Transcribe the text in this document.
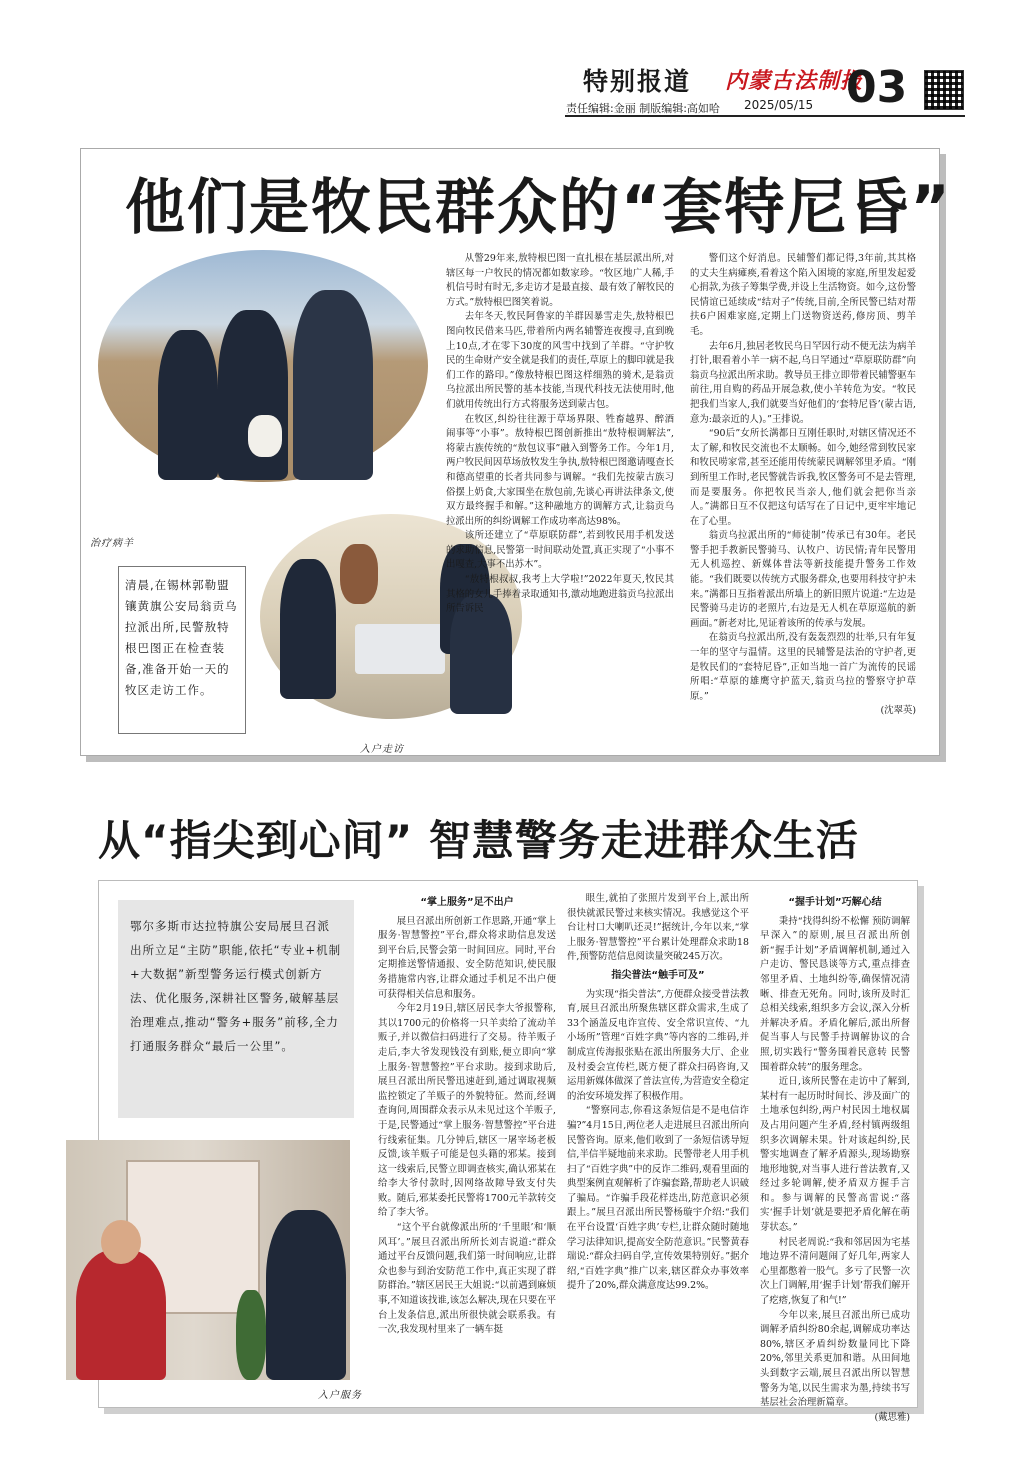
特别报道 内蒙古法制报
责任编辑:金丽 制版编辑:高如哈 2025/05/15 03
他们是牧民群众的“套特尼昏”
治疗病羊
入户走访
清晨,在锡林郭勒盟镶黄旗公安局翁贡乌拉派出所,民警敖特根巴图正在检查装备,准备开始一天的牧区走访工作。

从警29年来,敖特根巴图一直扎根在基层派出所,对辖区每一户牧民的情况都如数家珍。“牧区地广人稀,手机信号时有时无,多走访才是最直接、最有效了解牧民的方式。”敖特根巴图笑着说。

去年冬天,牧民阿鲁家的羊群因暴雪走失,敖特根巴图向牧民借来马匹,带着所内两名辅警连夜搜寻,直到晚上10点,才在零下30度的风雪中找到了羊群。“守护牧民的生命财产安全就是我们的责任,草原上的脚印就是我们工作的路印。”像敖特根巴图这样细熟的骑术,是翁贡乌拉派出所民警的基本技能,当现代科技无法使用时,他们就用传统出行方式将服务送到蒙古包。

在牧区,纠纷往往源于草场界限、牲畜越界、醉酒闹事等“小事”。敖特根巴图创新推出“敖特根调解法”,将蒙古族传统的“敖包议事”融入到警务工作。今年1月,两户牧民间因草场放牧发生争执,敖特根巴图邀请嘎查长和德高望重的长者共同参与调解。“我们先按蒙古族习俗摆上奶食,大家围坐在敖包前,先谈心再讲法律条文,使双方最终握手和解。”这种融地方的调解方式,让翁贡乌拉派出所的纠纷调解工作成功率高达98%。

该所还建立了“草原联防群”,若到牧民用手机发送的求助信息,民警第一时间联动处置,真正实现了“小事不出嘎查,大事不出苏木”。

“敖特根叔叔,我考上大学啦!”2022年夏天,牧民其其格的女儿手捧着录取通知书,激动地跑进翁贡乌拉派出所告诉民

警们这个好消息。民辅警们都记得,3年前,其其格的丈夫生病瘫痪,看着这个陷入困境的家庭,所里发起爱心捐款,为孩子筹集学费,并设上生活物资。如今,这份警民情谊已延续成“结对子”传统,目前,全所民警已结对帮扶6户困难家庭,定期上门送物资送药,修房顶、剪羊毛。

去年6月,独居老牧民乌日罕因行动不便无法为病羊打针,眼看着小羊一病不起,乌日罕通过“草原联防群”向翁贡乌拉派出所求助。教导员王排立即带着民辅警驱车前往,用自购的药品开展急救,使小羊转危为安。“牧民把我们当家人,我们就要当好他们的‘套特尼昏’(蒙古语,意为:最亲近的人)。”王排说。

“90后”女所长满都日互刚任职时,对辖区情况还不太了解,和牧民交流也不太顺畅。如今,她经常到牧民家和牧民唠家常,甚至还能用传统蒙民调解邻里矛盾。“刚到所里工作时,老民警就告诉我,牧区警务可不是去管理,而是要服务。你把牧民当亲人,他们就会把你当亲人。”满都日互不仅把这句话写在了日记中,更牢牢地记在了心里。

翁贡乌拉派出所的“师徒制”传承已有30年。老民警手把手教新民警骑马、认牧户、访民情;青年民警用无人机巡控、新媒体普法等新技能提升警务工作效能。“我们既要以传统方式服务群众,也要用科技守护未来。”满都日互指着派出所墙上的新旧照片说道:“左边是民警骑马走访的老照片,右边是无人机在草原巡航的新画面。”新老对比,见证着该所的传承与发展。

在翁贡乌拉派出所,没有轰轰烈烈的壮举,只有年复一年的坚守与温情。这里的民辅警是法治的守护者,更是牧民们的“套特尼昏”,正如当地一首广为流传的民谣所唱:“草原的雄鹰守护蓝天,翁贡乌拉的警察守护草原。”

(沈翠英)
从“指尖到心间” 智慧警务走进群众生活
鄂尔多斯市达拉特旗公安局展旦召派出所立足“主防”职能,依托“专业+机制+大数据”新型警务运行模式创新方法、优化服务,深耕社区警务,破解基层治理难点,推动“警务+服务”前移,全力打通服务群众“最后一公里”。
入户服务
“掌上服务”足不出户

展旦召派出所创新工作思路,开通“掌上服务·智慧警控”平台,群众将求助信息发送到平台后,民警会第一时间回应。同时,平台定期推送警情通报、安全防范知识,使民服务措施常内容,让群众通过手机足不出户便可获得相关信息和服务。

今年2月19日,辖区居民李大爷报警称,其以1700元的价格将一只羊卖给了流动羊贩子,并以微信扫码进行了交易。待羊贩子走后,李大爷发现钱没有到账,便立即向“掌上服务·智慧警控”平台求助。接到求助后,展旦召派出所民警迅速赶到,通过调取视频监控锁定了羊贩子的外貌特征。然而,经调查询问,周围群众表示从未见过这个羊贩子,于是,民警通过“掌上服务·智慧警控”平台进行线索征集。几分钟后,辖区一屠宰场老板反馈,该羊贩子可能是包头籍的邪某。接到这一线索后,民警立即调查核实,确认邪某在给李大爷付款时,因网络故障导致支付失败。随后,邪某委托民警将1700元羊款转交给了李大爷。

“这个平台就像派出所的‘千里眼’和‘顺风耳’。”展旦召派出所所长刘吉说道:“群众通过平台反馈问题,我们第一时间响应,让群众也参与到治安防范工作中,真正实现了群防群治。”辖区居民王大姐说:“以前遇到麻烦事,不知道该找谁,该怎么解决,现在只要在平台上发条信息,派出所很快就会联系我。有一次,我发现村里来了一辆车挺

眼生,就拍了张照片发到平台上,派出所很快就派民警过来核实情况。我感觉这个平台让村口大喇叭还灵!”据统计,今年以来,“掌上服务·智慧警控”平台累计处理群众求助18件,预警防范信息阅读量突破245万次。

指尖普法“触手可及”

为实现“指尖普法”,方便群众接受普法教育,展旦召派出所聚焦辖区群众需求,生成了33个涵盖反电诈宣传、安全常识宣传、“九小场所”管理“百姓字典”等内容的二维码,并制成宣传海报张贴在派出所服务大厅、企业及村委会宣传栏,既方便了群众扫码咨询,又运用新媒体做深了普法宣传,为营造安全稳定的治安环境发挥了积极作用。

“警察同志,你看这条短信是不是电信诈骗?”4月15日,两位老人走进展旦召派出所向民警咨询。原来,他们收到了一条短信诱导短信,半信半疑地前来求助。民警带老人用手机扫了“百姓字典”中的反诈二维码,观看里面的典型案例直观解析了诈骗套路,帮助老人识破了骗局。“诈骗手段花样迭出,防范意识必须跟上。”展旦召派出所民警杨璇宇介绍:“我们在平台设置‘百姓字典’专栏,让群众随时随地学习法律知识,提高安全防范意识。”民警黄春瑞说:“群众扫码自学,宣传效果特别好。”据介绍,“百姓字典”推广以来,辖区群众办事效率提升了20%,群众满意度达99.2%。

“握手计划”巧解心结

秉持“找得纠纷不松懈 预防调解早深入”的原则,展旦召派出所创新“握手计划”矛盾调解机制,通过入户走访、警民恳谈等方式,重点排查邻里矛盾、土地纠纷等,确保情况清晰、排查无死角。同时,该所及时汇总相关线索,组织多方会议,深入分析并解决矛盾。矛盾化解后,派出所督促当事人与民警手持调解协议的合照,切实践行“警务围着民意转 民警围着群众转”的服务理念。

近日,该所民警在走访中了解到,某村有一起历时时间长、涉及面广的土地承包纠纷,两户村民因土地权属及占用问题产生矛盾,经村镇两级组织多次调解未果。针对该起纠纷,民警实地调查了解矛盾源头,现场勘察地形地貌,对当事人进行普法教育,又经过多轮调解,使矛盾双方握手言和。参与调解的民警高雷说:“落实‘握手计划’就是要把矛盾化解在萌芽状态。”

村民老周说:“我和邻居因为宅基地边界不清问题闹了好几年,两家人心里都憋着一股气。多亏了民警一次次上门调解,用‘握手计划’帮我们解开了疙瘩,恢复了和气!”

今年以来,展旦召派出所已成功调解矛盾纠纷80余起,调解成功率达80%,辖区矛盾纠纷数量同比下降20%,邻里关系更加和谐。从田间地头到数字云端,展旦召派出所以智慧警务为笔,以民生需求为墨,持续书写基层社会治理新篇章。

(戴思雅)
